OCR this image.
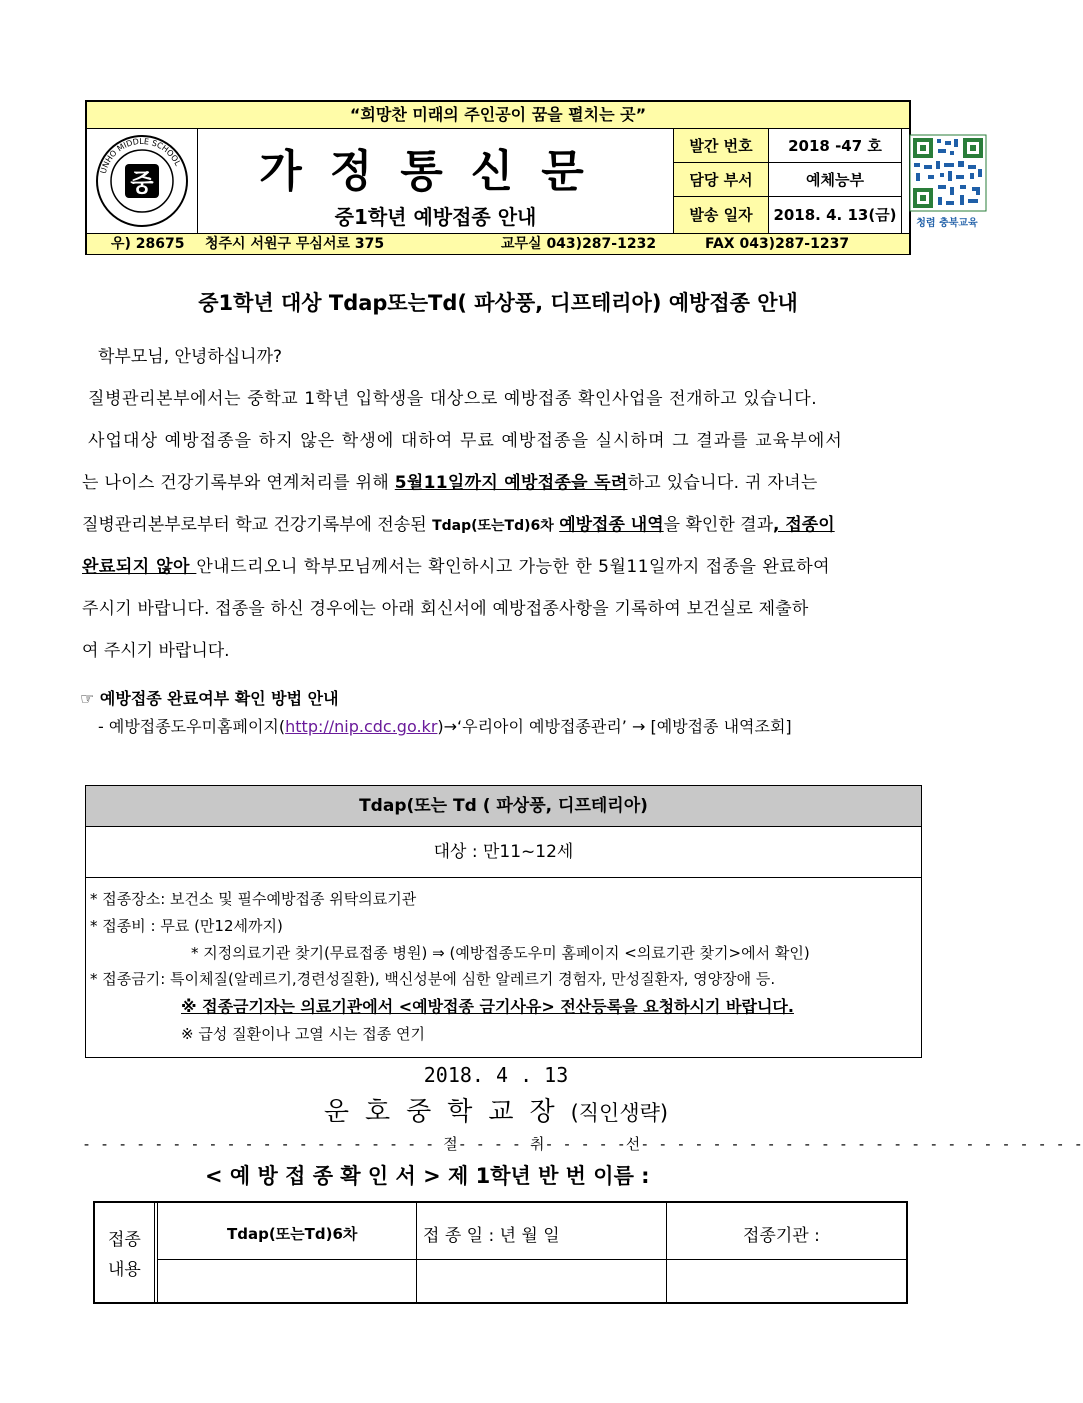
“희망찬 미래의 주인공이 꿈을 펼치는 곳”
UNHO MIDDLE SCHOOL
중	가정통신문
중1학년 예방접종 안내
발간 번호	2018 -47 호
담당 부서	예체능부
발송 일자	2018. 4. 13(금)	청렴 충북교육
우) 28675 청주시 서원구 무심서로 375	교무실 043)287-1232	FAX 043)287-1237
중1학년 대상 Tdap또는Td( 파상풍, 디프테리아) 예방접종 안내
학부모님, 안녕하십니까?
질병관리본부에서는 중학교 1학년 입학생을 대상으로 예방접종 확인사업을 전개하고 있습니다.
사업대상 예방접종을 하지 않은 학생에 대하여 무료 예방접종을 실시하며 그 결과를 교육부에서
는 나이스 건강기록부와 연계처리를 위해 5월11일까지 예방접종을 독려하고 있습니다. 귀 자녀는
질병관리본부로부터 학교 건강기록부에 전송된 Tdap(또는Td)6차 예방접종 내역을 확인한 결과, 접종이
완료되지 않아 안내드리오니 학부모님께서는 확인하시고 가능한 한 5월11일까지 접종을 완료하여
주시기 바랍니다. 접종을 하신 경우에는 아래 회신서에 예방접종사항을 기록하여 보건실로 제출하
여 주시기 바랍니다.
☞ 예방접종 완료여부 확인 방법 안내
- 예방접종도우미홈페이지(http://nip.cdc.go.kr)→‘우리아이 예방접종관리’ → [예방접종 내역조회]
Tdap(또는 Td ( 파상풍, 디프테리아)
대상 : 만11~12세
* 접종장소: 보건소 및 필수예방접종 위탁의료기관
* 접종비 : 무료 (만12세까지)
* 지정의료기관 찾기(무료접종 병원) ⇒ (예방접종도우미 홈페이지 <의료기관 찾기>에서 확인)
* 접종금기: 특이체질(알레르기,경련성질환), 백신성분에 심한 알레르기 경험자, 만성질환자, 영양장애 등.
※ 접종금기자는 의료기관에서 <예방접종 금기사유> 전산등록을 요청하시기 바랍니다.
※ 급성 질환이나 고열 시는 접종 연기
2018. 4 . 13
운호중학교장(직인생략)
- - - - - - - - - - - - - - - - - - - - 절- - - - 취- - - - -선- - - - - - - - - - - - - - - - - - - - - - - - -
< 예 방 접 종 확 인 서 > 제 1학년 반 번 이름 :
접종
내용
Tdap(또는Td)6차	접 종 일 : 년 월 일	접종기관 :
